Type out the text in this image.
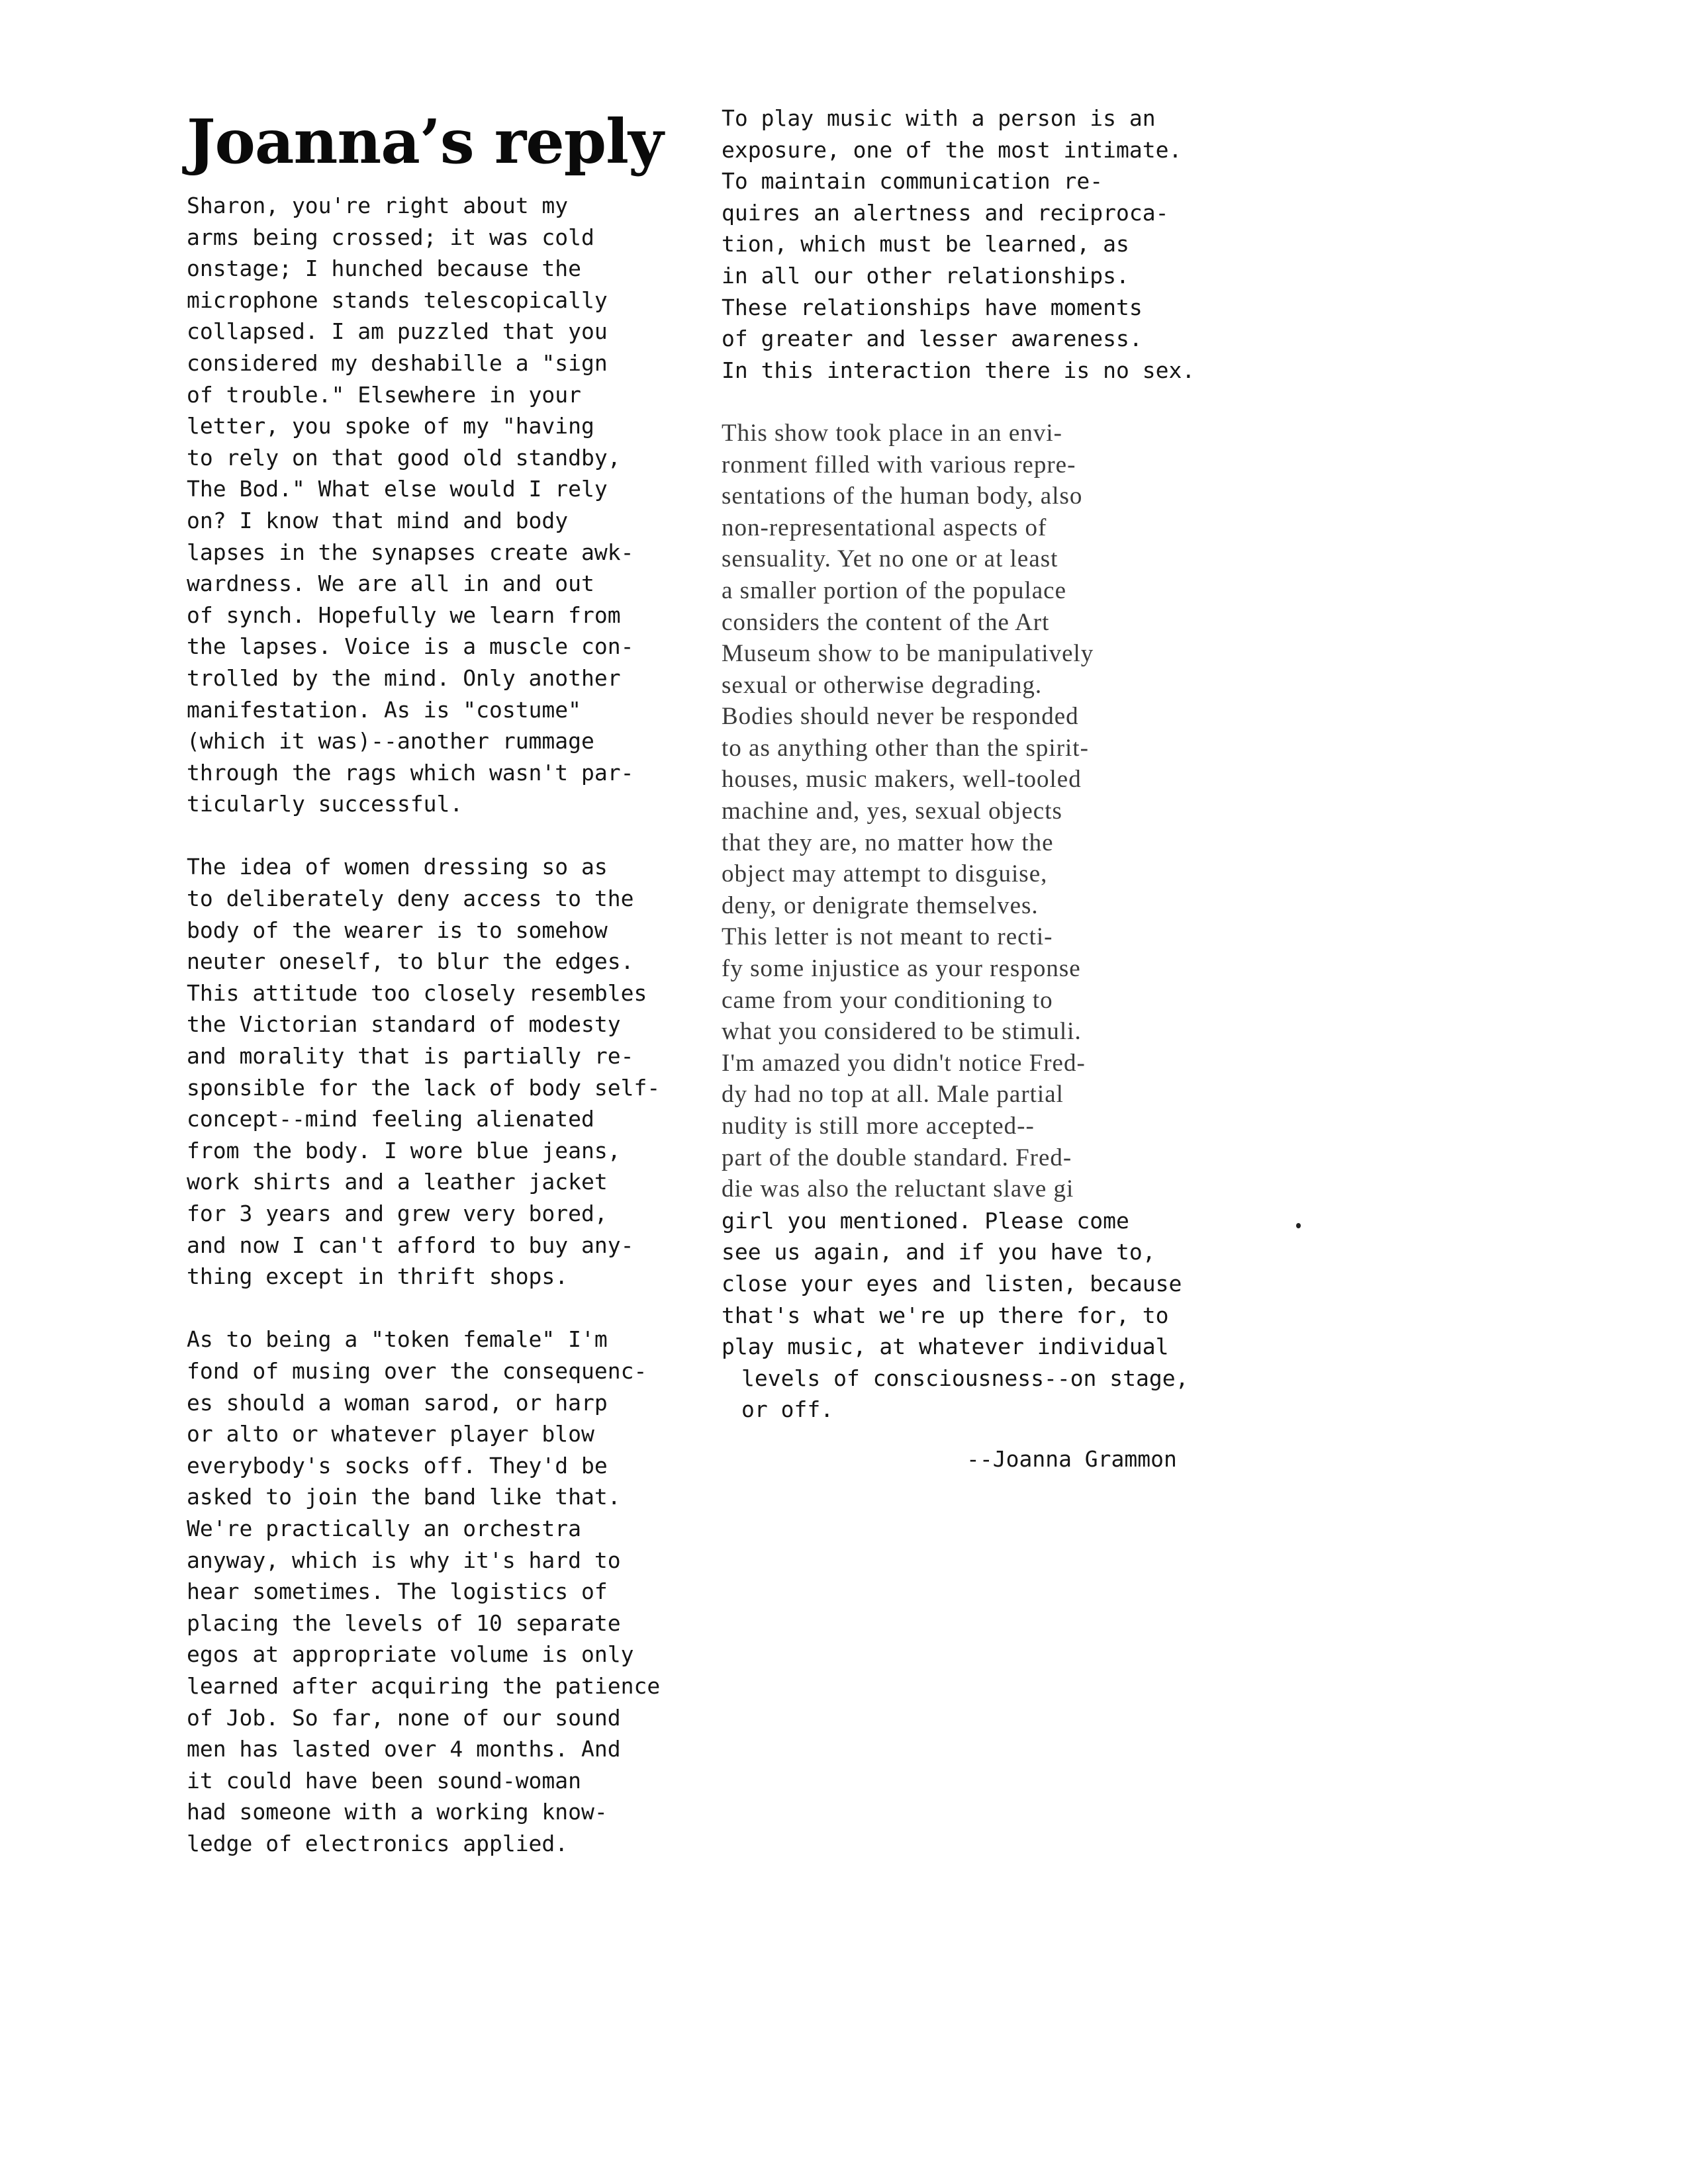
Joanna’s reply
Sharon, you're right about my
arms being crossed; it was cold
onstage; I hunched because the
microphone stands telescopically
collapsed. I am puzzled that you
considered my deshabille a "sign
of trouble." Elsewhere in your
letter, you spoke of my "having
to rely on that good old standby,
The Bod." What else would I rely
on? I know that mind and body
lapses in the synapses create awk-
wardness. We are all in and out
of synch. Hopefully we learn from
the lapses. Voice is a muscle con-
trolled by the mind. Only another
manifestation. As is "costume"
(which it was)--another rummage
through the rags which wasn't par-
ticularly successful.
The idea of women dressing so as
to deliberately deny access to the
body of the wearer is to somehow
neuter oneself, to blur the edges.
This attitude too closely resembles
the Victorian standard of modesty
and morality that is partially re-
sponsible for the lack of body self-
concept--mind feeling alienated
from the body. I wore blue jeans,
work shirts and a leather jacket
for 3 years and grew very bored,
and now I can't afford to buy any-
thing except in thrift shops.
As to being a "token female" I'm
fond of musing over the consequenc-
es should a woman sarod, or harp
or alto or whatever player blow
everybody's socks off. They'd be
asked to join the band like that.
We're practically an orchestra
anyway, which is why it's hard to
hear sometimes. The logistics of
placing the levels of 10 separate
egos at appropriate volume is only
learned after acquiring the patience
of Job. So far, none of our sound
men has lasted over 4 months. And
it could have been sound-woman
had someone with a working know-
ledge of electronics applied.
To play music with a person is an
exposure, one of the most intimate.
To maintain communication re-
quires an alertness and reciproca-
tion, which must be learned, as
in all our other relationships.
These relationships have moments
of greater and lesser awareness.
In this interaction there is no sex.
This show took place in an envi-
ronment filled with various repre-
sentations of the human body, also
non-representational aspects of
sensuality. Yet no one or at least
a smaller portion of the populace
considers the content of the Art
Museum show to be manipulatively
sexual or otherwise degrading.
Bodies should never be responded
to as anything other than the spirit-
houses, music makers, well-tooled
machine and, yes, sexual objects
that they are, no matter how the
object may attempt to disguise,
deny, or denigrate themselves.
This letter is not meant to recti-
fy some injustice as your response
came from your conditioning to
what you considered to be stimuli.
I'm amazed you didn't notice Fred-
dy had no top at all. Male partial
nudity is still more accepted--
part of the double standard. Fred-
die was also the reluctant slave gi
girl you mentioned. Please come
see us again, and if you have to,
close your eyes and listen, because
that's what we're up there for, to
play music, at whatever individual
levels of consciousness--on stage,
or off.
--Joanna Grammon
